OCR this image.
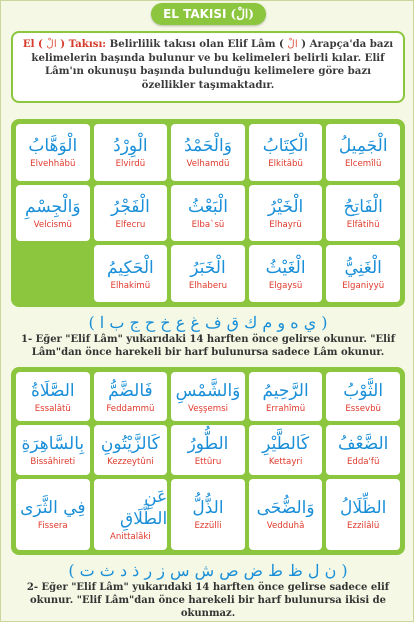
EL TAKISI (الْ)
El ( الْ ) Takısı: Belirlilik takısı olan Elif Lâm ( الْ ) Arapça'da bazı kelimelerin başında bulunur ve bu kelimeleri belirli kılar. Elif Lâm'ın okunuşu başında bulunduğu kelimelere göre bazı özellikler taşımaktadır.
الْوَهَّابُ
Elvehhâbü
الْوِرْدُ
Elvirdü
وَالْحَمْدُ
Velhamdü
الْكِتَابُ
Elkitâbü
الْجَمِيلُ
Elcemîlü
وَالْجِسْمِ
Velcismü
الْفَجْرُ
Elfecru
الْبَعْثُ
Elba`sü
الْخَيْرُ
Elhayrü
الْفَاتِحُ
Elfâtihü
الْحَكِيمُ
Elhakimü
الْخَبَرُ
Elhaberu
الْغَيْثُ
Elgaysü
الْغَنِيُّ
Elganiyyü
( ي ه و م ك ق ف غ ع خ ح ج ب ا )
1- Eğer "Elif Lâm" yukarıdaki 14 harften önce gelirse okunur. "Elif Lâm"dan önce harekeli bir harf bulunursa sadece Lâm okunur.
الصَّلَاةُ
Essalâtü
فَالضَّمُّ
Feddammü
وَالشَّمْسِ
Veşşemsi
الرَّحِيمُ
Errahîmü
الثَّوْبُ
Essevbü
بِالسَّاهِرَةِ
Bissâhireti
كَالزَّيْتُونِ
Kezzeytûni
الطُّورُ
Ettûru
كَالطَّيْرِ
Kettayri
الضَّعْفُ
Edda'fü
فِي الثَّرَى
Fissera
عَنِ الطَّلَاقِ
Anittalâki
الذُّلُّ
Ezzülli
وَالضُّحَى
Vedduhâ
الظِّلَالُ
Ezzilâlü
( ن ل ظ ط ض ص ش س ز ر ذ د ث ت )
2- Eğer "Elif Lâm" yukarıdaki 14 harften önce gelirse sadece elif okunur. "Elif Lâm"dan önce harekeli bir harf bulunursa ikisi de okunmaz.
